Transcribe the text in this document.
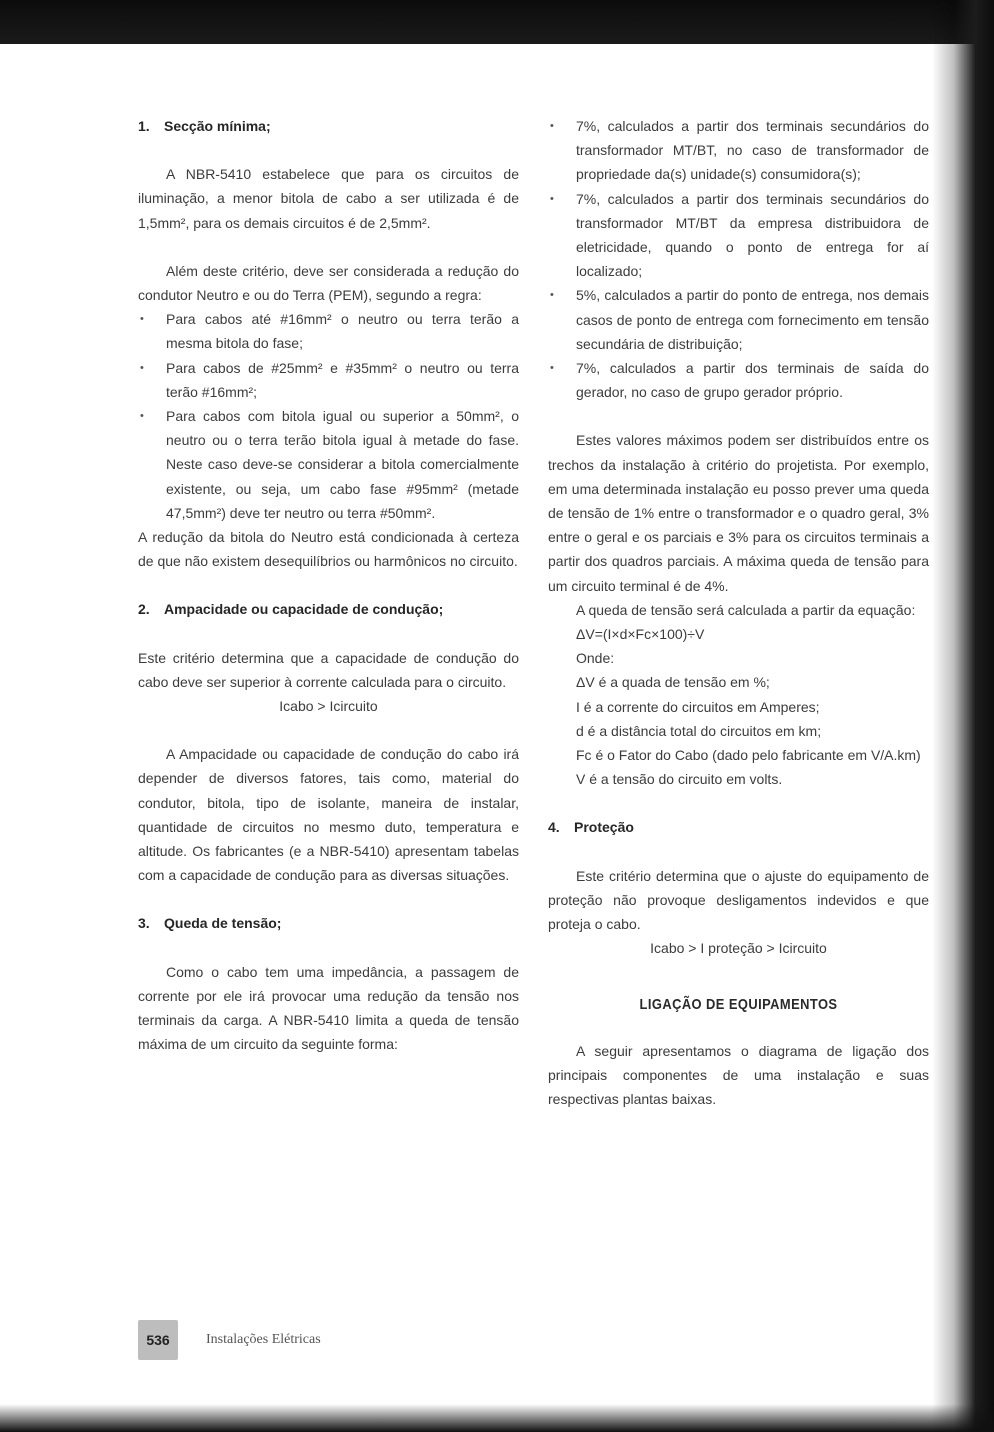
1. Secção mínima;

A NBR-5410 estabelece que para os circuitos de iluminação, a menor bitola de cabo a ser utilizada é de 1,5mm², para os demais circuitos é de 2,5mm².

Além deste critério, deve ser considerada a redução do condutor Neutro e ou do Terra (PEM), segundo a regra:

• Para cabos até #16mm² o neutro ou terra terão a mesma bitola do fase;
• Para cabos de #25mm² e #35mm² o neutro ou terra terão #16mm²;
• Para cabos com bitola igual ou superior a 50mm², o neutro ou o terra terão bitola igual à metade do fase. Neste caso deve-se considerar a bitola comercialmente existente, ou seja, um cabo fase #95mm² (metade 47,5mm²) deve ter neutro ou terra #50mm².

A redução da bitola do Neutro está condicionada à certeza de que não existem desequilíbrios ou harmônicos no circuito.

2. Ampacidade ou capacidade de condução;

Este critério determina que a capacidade de condução do cabo deve ser superior à corrente calculada para o circuito.

Icabo > Icircuito

A Ampacidade ou capacidade de condução do cabo irá depender de diversos fatores, tais como, material do condutor, bitola, tipo de isolante, maneira de instalar, quantidade de circuitos no mesmo duto, temperatura e altitude. Os fabricantes (e a NBR-5410) apresentam tabelas com a capacidade de condução para as diversas situações.

3. Queda de tensão;

Como o cabo tem uma impedância, a passagem de corrente por ele irá provocar uma redução da tensão nos terminais da carga. A NBR-5410 limita a queda de tensão máxima de um circuito da seguinte forma:

• 7%, calculados a partir dos terminais secundários do transformador MT/BT, no caso de transformador de propriedade da(s) unidade(s) consumidora(s);
• 7%, calculados a partir dos terminais secundários do transformador MT/BT da empresa distribuidora de eletricidade, quando o ponto de entrega for aí localizado;
• 5%, calculados a partir do ponto de entrega, nos demais casos de ponto de entrega com fornecimento em tensão secundária de distribuição;
• 7%, calculados a partir dos terminais de saída do gerador, no caso de grupo gerador próprio.

Estes valores máximos podem ser distribuídos entre os trechos da instalação à critério do projetista. Por exemplo, em uma determinada instalação eu posso prever uma queda de tensão de 1% entre o transformador e o quadro geral, 3% entre o geral e os parciais e 3% para os circuitos terminais a partir dos quadros parciais. A máxima queda de tensão para um circuito terminal é de 4%.

A queda de tensão será calculada a partir da equação:

ΔV=(I×d×Fc×100)÷V
Onde:
ΔV é a quada de tensão em %;
I é a corrente do circuitos em Amperes;
d é a distância total do circuitos em km;

Fc é o Fator do Cabo (dado pelo fabricante em V/A.km)

V é a tensão do circuito em volts.
4. Proteção

Este critério determina que o ajuste do equipamento de proteção não provoque desligamentos indevidos e que proteja o cabo.

Icabo > I proteção > Icircuito

LIGAÇÃO DE EQUIPAMENTOS

A seguir apresentamos o diagrama de ligação dos principais componentes de uma instalação e suas respectivas plantas baixas.

536	Instalações Elétricas
